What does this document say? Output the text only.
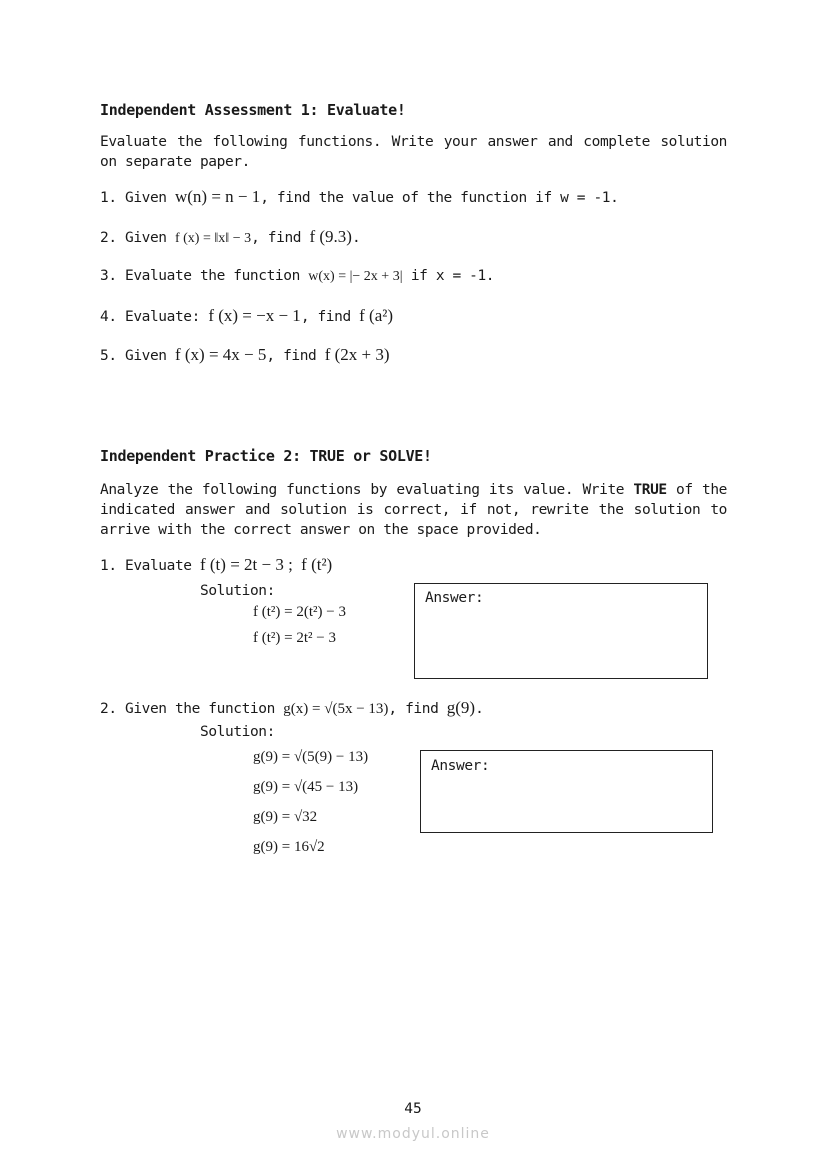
Independent Assessment 1: Evaluate!
Evaluate the following functions. Write your answer and complete solution on separate paper.
1. Given w(n) = n − 1, find the value of the function if w = -1.
2. Given f (x) = ‖x‖ − 3, find f (9.3).
3. Evaluate the function w(x) = |− 2x + 3| if x = -1.
4. Evaluate: f (x) = −x − 1, find f (a²)
5. Given f (x) = 4x − 5, find f (2x + 3)
Independent Practice 2: TRUE or SOLVE!
Analyze the following functions by evaluating its value. Write TRUE of the indicated answer and solution is correct, if not, rewrite the solution to arrive with the correct answer on the space provided.
1. Evaluate f (t) = 2t − 3 ; f (t²)
Solution:
f (t²) = 2(t²) − 3
f (t²) = 2t² − 3
Answer:
2. Given the function g(x) = √(5x − 13), find g(9).
Solution:
g(9) = √(5(9) − 13)
g(9) = √(45 − 13)
g(9) = √32
g(9) = 16√2
Answer:
45
www.modyul.online
